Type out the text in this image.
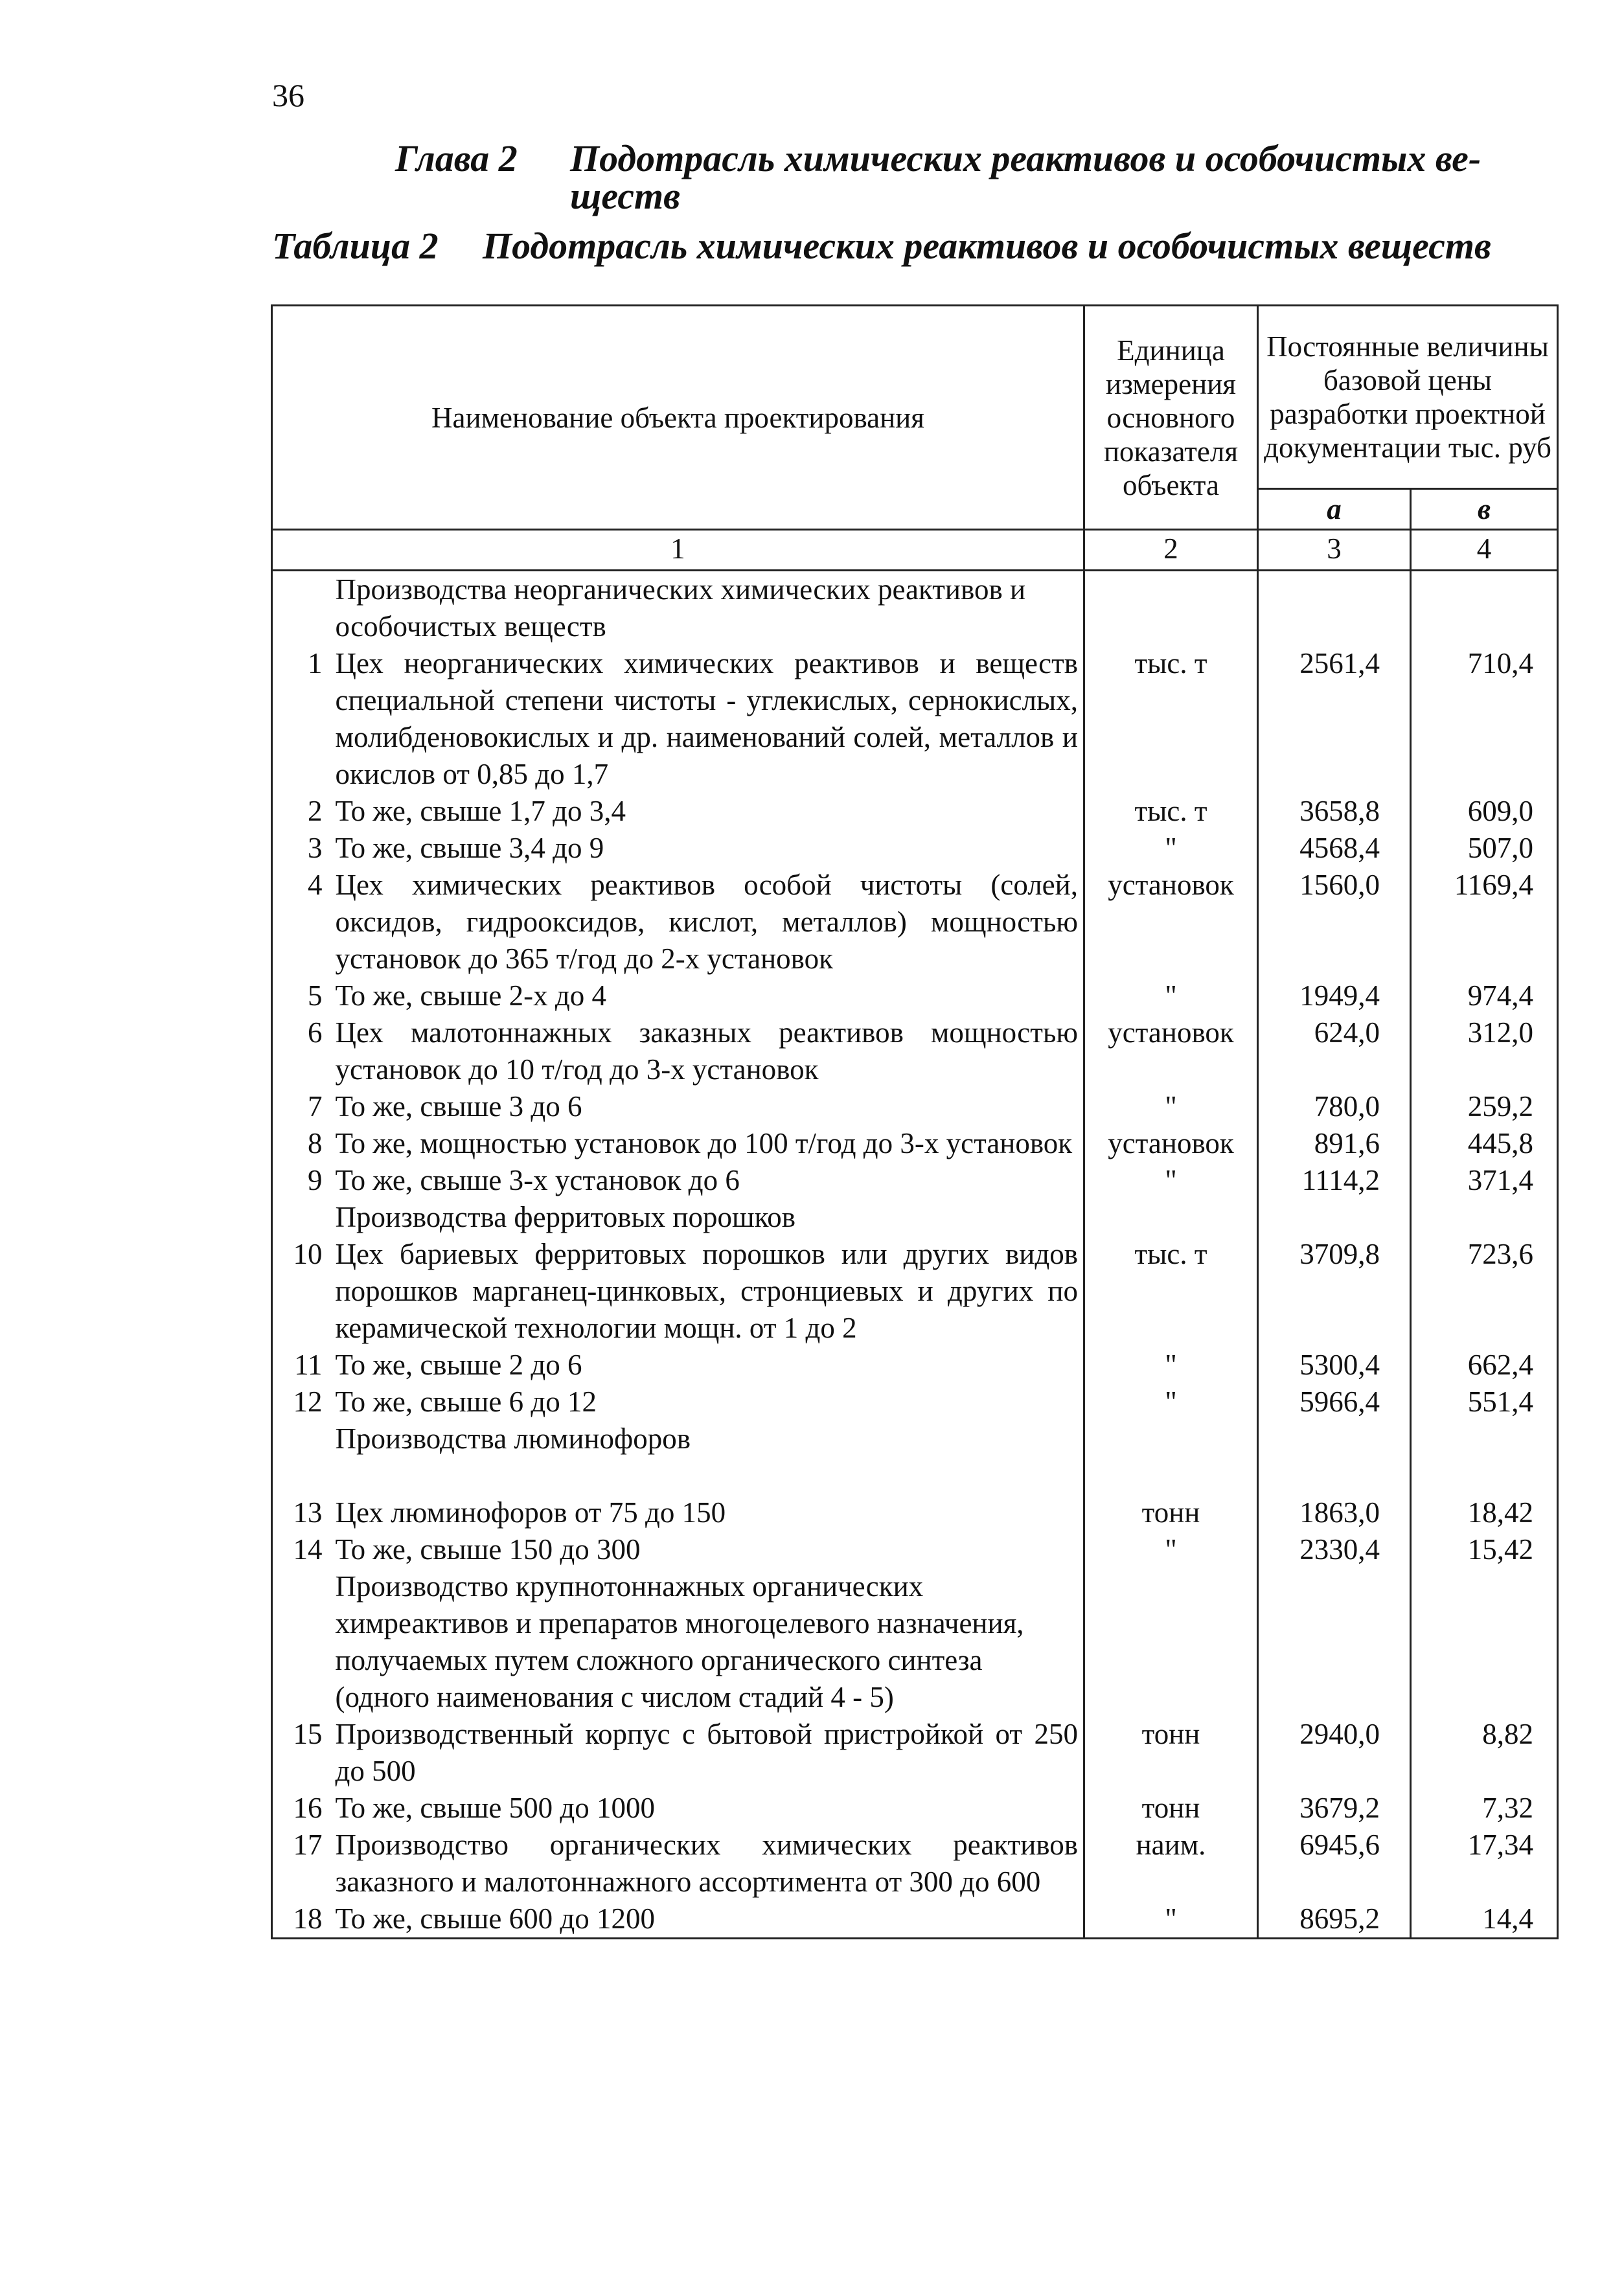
36
Глава 2 Подотрасль химических реактивов и особочистых ве-
ществ
Таблица 2 Подотрасль химических реактивов и особочистых веществ
Наименование объекта проектирования		Единица измерения основного показателя объекта	Постоянные величины базовой цены разработки проектной документации тыс. руб	
			а	в
1		2	3	4
	Производства неорганических химических реактивов и особочистых веществ			
1	Цех неорганических химических реактивов и веществ специальной степени чистоты - углекислых, сернокислых, молибденовокислых и др. наименований солей, металлов и окислов от 0,85 до 1,7	тыс. т	2561,4	710,4
2	То же, свыше 1,7 до 3,4	тыс. т	3658,8	609,0
3	То же, свыше 3,4 до 9	"	4568,4	507,0
4	Цех химических реактивов особой чистоты (солей, оксидов, гидрооксидов, кислот, металлов) мощностью установок до 365 т/год до 2-х установок	установок	1560,0	1169,4
5	То же, свыше 2-х до 4	"	1949,4	974,4
6	Цех малотоннажных заказных реактивов мощностью установок до 10 т/год до 3-х установок	установок	624,0	312,0
7	То же, свыше 3 до 6	"	780,0	259,2
8	То же, мощностью установок до 100 т/год до 3-х установок	установок	891,6	445,8
9	То же, свыше 3-х установок до 6	"	1114,2	371,4
	Производства ферритовых порошков			
10	Цех бариевых ферритовых порошков или других видов порошков марганец-цинковых, стронциевых и других по керамической технологии мощн. от 1 до 2	тыс. т	3709,8	723,6
11	То же, свыше 2 до 6	"	5300,4	662,4
12	То же, свыше 6 до 12	"	5966,4	551,4
	Производства люминофоров			

13	Цех люминофоров от 75 до 150	тонн	1863,0	18,42
14	То же, свыше 150 до 300	"	2330,4	15,42
	Производство крупнотоннажных органических химреактивов и препаратов многоцелевого назначения, получаемых путем сложного органического синтеза (одного наименования с числом стадий 4 - 5)			
15	Производственный корпус с бытовой пристройкой от 250 до 500	тонн	2940,0	8,82
16	То же, свыше 500 до 1000	тонн	3679,2	7,32
17	Производство органических химических реактивов заказного и малотоннажного ассортимента от 300 до 600	наим.	6945,6	17,34
18	То же, свыше 600 до 1200	"	8695,2	14,4
